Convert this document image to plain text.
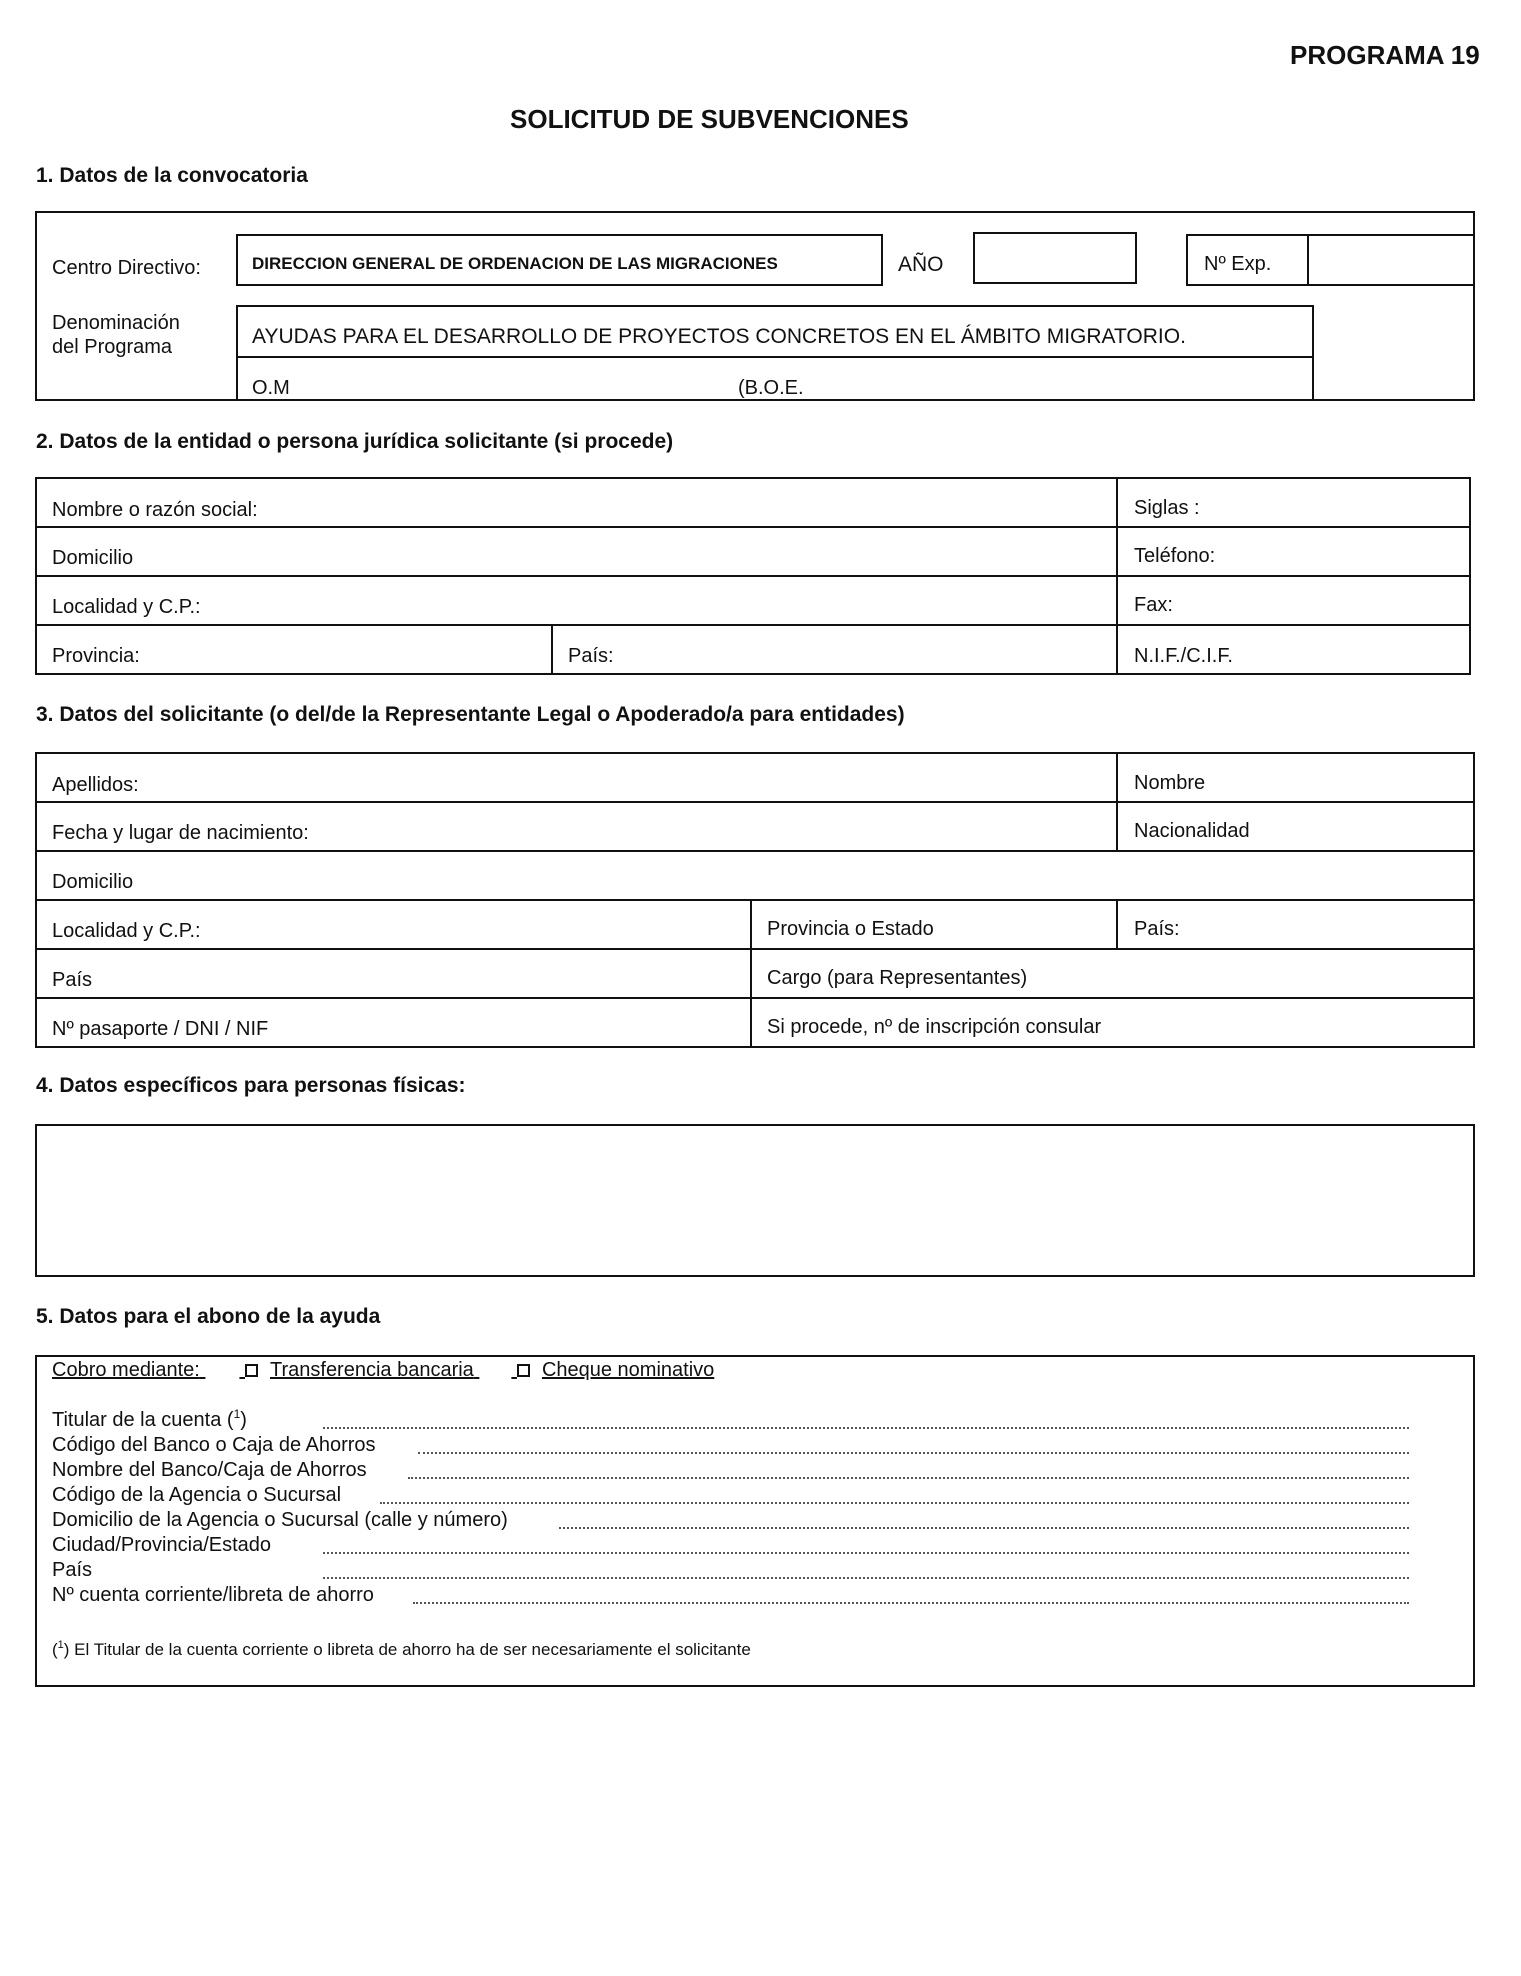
PROGRAMA 19
SOLICITUD DE SUBVENCIONES
1. Datos de la convocatoria
Centro Directivo:	DIRECCION GENERAL DE ORDENACION DE LAS MIGRACIONES	AÑO	Nº Exp.
Denominación
del Programa	AYUDAS PARA EL DESARROLLO DE PROYECTOS CONCRETOS EN EL ÁMBITO MIGRATORIO.
O.M	(B.O.E.
2. Datos de la entidad o persona jurídica solicitante (si procede)
Nombre o razón social:	Siglas :
Domicilio	Teléfono:
Localidad y C.P.:	Fax:
Provincia:	País:	N.I.F./C.I.F.
3. Datos del solicitante (o del/de la Representante Legal o Apoderado/a para entidades)
Apellidos:	Nombre
Fecha y lugar de nacimiento:	Nacionalidad
Domicilio
Localidad y C.P.:	Provincia o Estado	País:
País	Cargo (para Representantes)
Nº pasaporte / DNI / NIF	Si procede, nº de inscripción consular
4. Datos específicos para personas físicas:
5. Datos para el abono de la ayuda
Cobro mediante:	Transferencia bancaria	Cheque nominativo
Titular de la cuenta ($^1$)
Código del Banco o Caja de Ahorros
Nombre del Banco/Caja de Ahorros
Código de la Agencia o Sucursal
Domicilio de la Agencia o Sucursal (calle y número)
Ciudad/Provincia/Estado
País
Nº cuenta corriente/libreta de ahorro
($^1$) El Titular de la cuenta corriente o libreta de ahorro ha de ser necesariamente el solicitante
